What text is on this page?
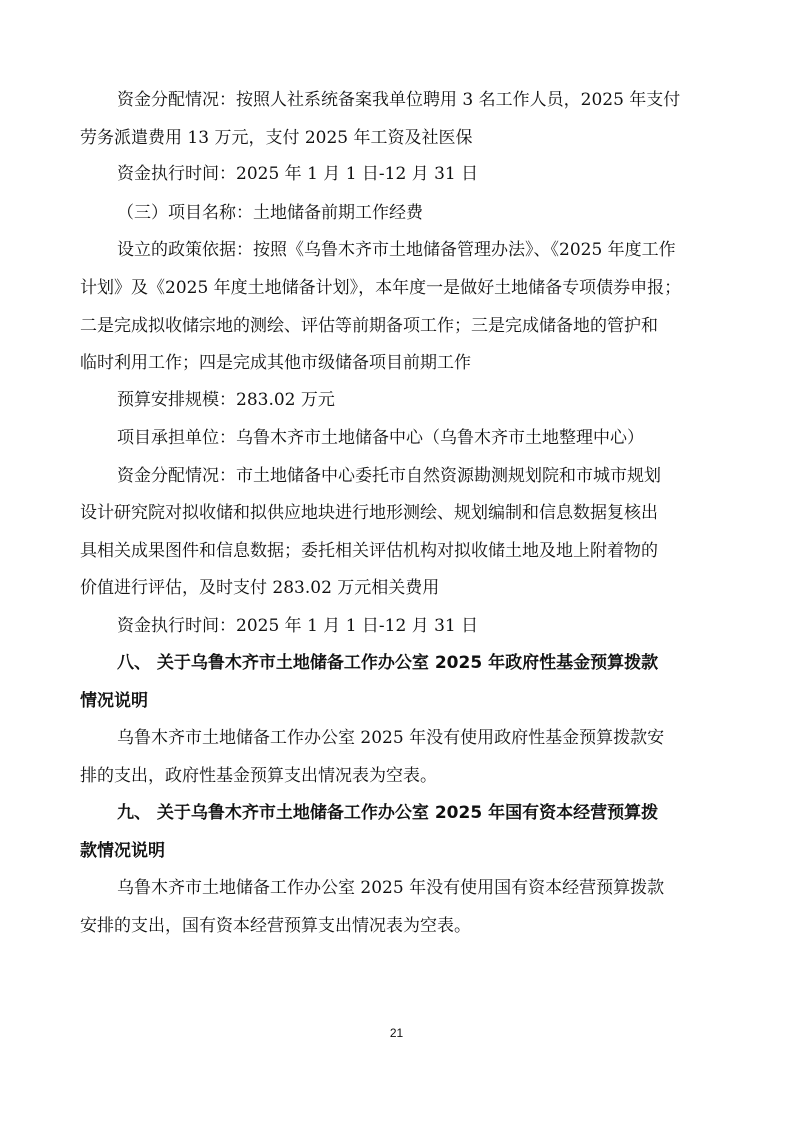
资金分配情况：按照人社系统备案我单位聘用 3 名工作人员，2025 年支付
劳务派遣费用 13 万元，支付 2025 年工资及社医保
资金执行时间：2025 年 1 月 1 日-12 月 31 日
（三）项目名称：土地储备前期工作经费
设立的政策依据：按照《乌鲁木齐市土地储备管理办法》、《2025 年度工作
计划》及《2025 年度土地储备计划》，本年度一是做好土地储备专项债券申报；
二是完成拟收储宗地的测绘、评估等前期备项工作；三是完成储备地的管护和
临时利用工作；四是完成其他市级储备项目前期工作
预算安排规模：283.02 万元
项目承担单位：乌鲁木齐市土地储备中心（乌鲁木齐市土地整理中心）
资金分配情况：市土地储备中心委托市自然资源勘测规划院和市城市规划
设计研究院对拟收储和拟供应地块进行地形测绘、规划编制和信息数据复核出
具相关成果图件和信息数据；委托相关评估机构对拟收储土地及地上附着物的
价值进行评估，及时支付 283.02 万元相关费用
资金执行时间：2025 年 1 月 1 日-12 月 31 日
八、 关于乌鲁木齐市土地储备工作办公室 2025 年政府性基金预算拨款
情况说明
乌鲁木齐市土地储备工作办公室 2025 年没有使用政府性基金预算拨款安
排的支出，政府性基金预算支出情况表为空表。
九、 关于乌鲁木齐市土地储备工作办公室 2025 年国有资本经营预算拨
款情况说明
乌鲁木齐市土地储备工作办公室 2025 年没有使用国有资本经营预算拨款
安排的支出，国有资本经营预算支出情况表为空表。
21
